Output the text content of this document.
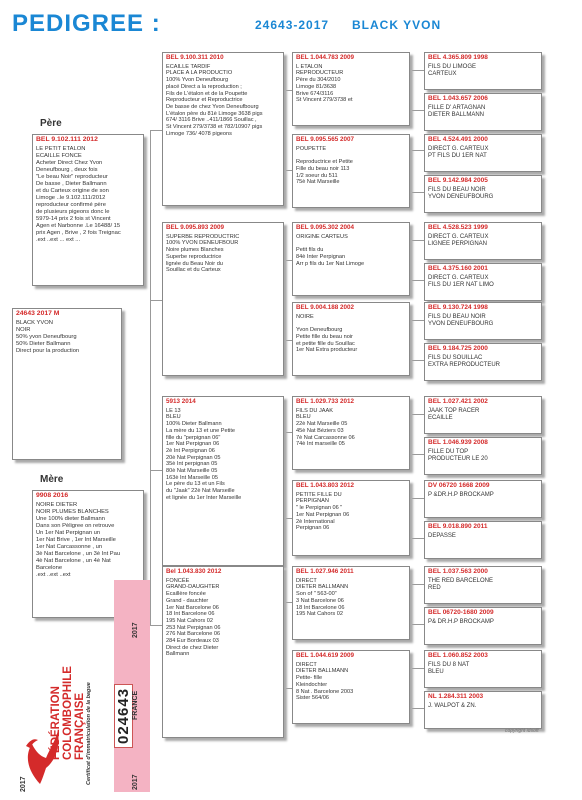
PEDIGREE :	24643-2017 BLACK YVON
24643 2017 M
BLACK YVON
NOIR
50% yvon Deneufbourg
50% Dieter Ballmann
Direct pour la production
BEL 9.102.111 2012
LE PETIT ETALON
ECAILLE FONCE
Acheter Direct Chez Yvon
Deneufbourg , deux fois
"Le beau Noir" reproducteur
De basse , Dieter Ballmann
et du Carteux origine de son
Limoge ..le 9.102.111/2012
reproducteur confirmé père
de plusieurs pigeons donc le
5979-14 prix 2 fois st Vincent
Agen et Narbonne .Le 16488/ 15
prix Agen , Brive , 2 fois Treignac
.ext ..ext ... ext ...
9908 2016
NOIRE DIETER
NOIR PLUMES BLANCHES
Une 100% dieter Ballmann
Dans son Pèligree on retrouve
Un 1er Nat Perpignan un
1er Nat Brive , 1er Int Marseille
1er Nat Carcassonne , un
3è Nat Barcelone , un 3è Int Pau
4è Nat Barcelone , un 4è Nat
Barcelone
.ext ..ext ..ext
BEL 9.100.311 2010
ECAILLE TARDIF
PLACE A LA PRODUCTIO
100% Yvon Deneufbourg
placé Direct a la reproduction ;
Fils de L'étalon et de la Poupette
Reproducteur et Reproductrice
De basse de chez Yvon Deneufbourg
L'étalon père du 81è Limoge 3638 pigs
674/ 3116 Brive ..411/1866 Souillac ,
St Vincent 279/3738 et 782/10907 pigs
Limoge 736/ 4078 pigeons
BEL 9.095.893 2009
SUPERBE REPRODUCTRIC
100% YVON DENEUFBOUR
Noire plumes Blanches
Superbe reproductrice
lignée du Beau Noir du
Souillac et du Carteux
5913 2014
LE 13
BLEU
100% Dieter Ballmann
La mère du 13 et une Petite
fille du "perpignan 06"
1er Nat Perpignan 06
2è Int Perpignan 06
20è Nat Perpignan 05
35è Int perpignan 05
80è Nat Marseille 05
163è Int Marseille 05
Le père du 13 et un Fils
du "Jaak" 22è Nat Marseille
et lignée du 1er Inter Marseille
Bel 1.043.830 2012
FONCÉE
GRAND-DAUGHTER
Ecaillère foncée
Grand - dauchter
1er Nat Barcelone 06
18 Int Barcelone 06
195 Nat Cahors 02
253 Nat Perpignan 06
276 Nat Barcelone 06
284 Eur Bordeaux 03
Direct de chez Dieter
Ballmann
BEL 1.044.783 2009
L ETALON
REPRODUCTEUR
Père du 304/2010
Limoge 81/3638
Brive 674/3116
St Vincent 279/3738 et
BEL 9.095.565 2007
POUPETTE

Reproductrice et Petite
Fille du beau noir 113
1/2 soeur du 511
75è Nat Marseille
BEL 9.095.302 2004
ORIGINE CARTEUS

Petit fils du
84è Inter Perpignan
Arr p fils du 1er Nat Limoge
BEL 9.004.188 2002
NOIRE

Yvon Deneufbourg
Petite fille du beau noir
et petite fille du Souillac
1er Nat Extra producteur
BEL 1.029.733 2012
FILS DU JAAK
BLEU
22è Nat Marseille 05
45è Nat Béziers 03
7è Nat Carcassonne 06
74è Int marseille 05
BEL 1.043.803 2012
PETITE FILLE DU
PERPIGNAN
" le Perpignan 06 "
1er Nat Perpignan 06
2è International
Perpignan 06
BEL 1.027.946 2011
DIRECT
DIETER BALLMANN
Son of " 563-00"
3 Nat Barcelone 06
18 Int Barcelone 06
195 Nat Cahors 02
BEL 1.044.619 2009
DIRECT
DIETER BALLMANN
Petite- fille
Kleindochter
8 Nat . Barcelone 2003
Sister 564/06
BEL 4.365.809 1998
FILS DU LIMOGE
CARTEUX
BEL 1.043.657 2006
FILLE D' ARTAGNAN
DIETER BALLMANN
BEL 4.524.491 2000
DIRECT G. CARTEUX
PT FILS DU 1ER NAT
BEL 9.142.984 2005
FILS DU BEAU NOIR
YVON DENEUFBOURG
BEL 4.528.523 1999
DIRECT G. CARTEUX
LIGNEE PERPIGNAN
BEL 4.375.160 2001
DIRECT G. CARTEUX
FILS DU 1ER NAT LIMO
BEL 9.130.724 1998
FILS DU BEAU NOIR
YVON DENEUFBOURG
BEL 9.184.725 2000
FILS DU SOUILLAC
EXTRA REPRODUCTEUR
BEL 1.027.421 2002
JAAK TOP RACER
ECAILLE
BEL 1.046.939 2008
FILLE DU TOP
PRODUCTEUR LE 20
DV 06720 1668 2009
P &DR.H.P BROCKAMP
BEL 9.018.890 2011
DEPASSE
BEL 1.037.563 2000
THE RED BARCELONE
RED
BEL 06720-1680 2009
P& DR.H.P BROCKAMP
BEL 1.060.852 2003
FILS DU 8 NAT
BLEU
NL 1.284.311 2003
J. WALPOT & ZN.
Père
Mère
copyright idsoft
FÉDÉRATION COLOMBOPHILE FRANÇAISE Certificat d'immatriculation de la bague
2017
2017
2017
024643 FRANCE
